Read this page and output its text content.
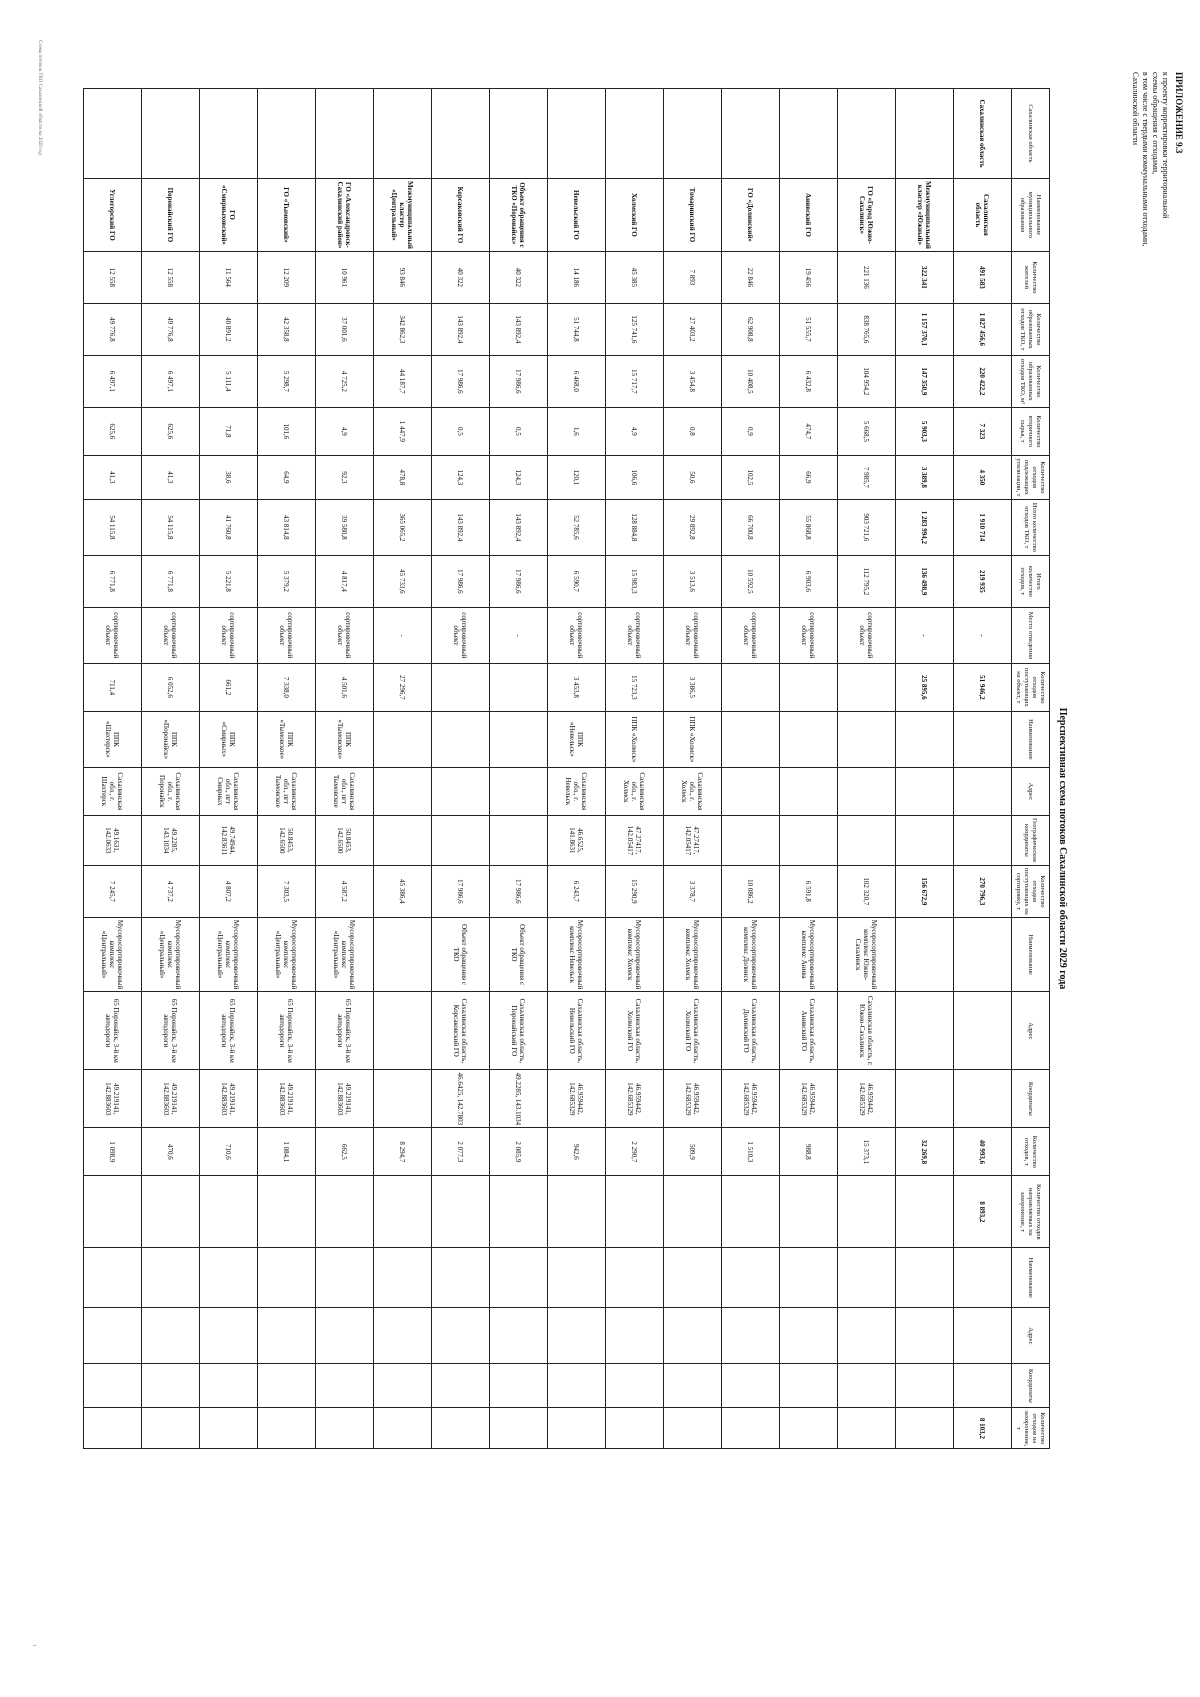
ПРИЛОЖЕНИЕ 9.3
к проекту корректировки территориальной
схемы обращения с отходами,
в том числе с твердыми коммунальными отходами,
Сахалинской области
Сахалинская область	Наименование муниципального образования	Количество жителей	Количество образованных отходов ТКО, т	Количество образованных отходов ТКО, м³	Количество вторичного сырья, т	Количество отходов подлежащих утилизации, т	Итого количество отходов ТКО, т	Итого количество отходов, т	Место отведения	Количество отходов поступающих на объект, т	Наименование	Адрес	Географические координаты	Количество отходов поступающих на сортировку, т	Наименование	Адрес	Координаты	Количество отходов, т	Количество отходов направляемых на захоронение, т	Наименование	Адрес	Координаты	Количество отходов на захоронение, т
Сахалинская область	Сахалинская область	491 583	1 827 456,6	220 422,2	7 323	4 350	1 910 714	219 935	-	51 946,2				270 796,3				40 993,6	8 893,2				8 103,2
	Межмуниципальный кластер «Южный»	322 341	1 157 370,1	147 350,9	5 903,3	3 389,8	1 283 994,2	136 498,9	-	25 895,6				156 672,9				32 269,8					
	ГО «Город Южно-Сахалинск»	221 136	838 765,6	104 954,2	5 668,5	7 985,7	903 721,6	112 795,2	сортировочный объект					102 320,7	Мусоросортировочный комплекс Южно-Сахалинск	Сахалинская область, г. Южно-Сахалинск	46.959442, 142.685329	15 373,1					
	Анивский ГО	19 456	51 555,7	6 432,8	474,7	66,9	55 868,8	6 903,6	сортировочный объект					6 591,8	Мусоросортировочный комплекс Анива	Сахалинская область, Анивский ГО	46.959442, 142.685329	988,8					
	ГО «Долинский»	22 846	62 908,8	10 408,5	0,9	102,5	66 700,8	10 592,5	сортировочный объект					10 086,2	Мусоросортировочный комплекс Долинск	Сахалинская область, Долинский ГО	46.959442, 142.685329	1 510,3					
	Томаринский ГО	7 893	27 403,2	3 454,8	0,8	50,6	29 892,8	3 513,6	сортировочный объект	3 386,5	ППК «Холмск»	Сахалинская обл., г. Холмск	47.27417, 142.05417	3 378,7	Мусоросортировочный комплекс Холмск	Сахалинская область, Холмский ГО	46.959442, 142.685329	509,9					
	Холмский ГО	45 385	125 741,6	15 717,7	4,9	106,6	128 884,8	15 983,3	сортировочный объект	15 723,3	ППК «Холмск»	Сахалинская обл., г. Холмск	47.27417, 142.05417	15 290,9	Мусоросортировочный комплекс Холмск	Сахалинская область, Холмский ГО	46.959442, 142.685329	2 290,7					
	Невельский ГО	14 186	51 744,8	6 468,0	1,6	120,1	52 785,6	6 590,7	сортировочный объект	3 453,8	ППК «Невельск»	Сахалинская обл., г. Невельск	46.6525, 141.8631	6 243,7	Мусоросортировочный комплекс Невельск	Сахалинская область, Невельский ГО	46.959442, 142.685329	942,6					
	Объект обращения с ТКО «Поронайск»	40 322	143 892,4	17 986,6	0,5	124,3	143 892,4	17 986,6	-					17 986,6	Объект обращения с ТКО	Сахалинская область, Поронайский ГО	49.2285, 143.1034	2 085,9					
	Корсаковский ГО	40 322	143 892,4	17 986,6	0,5	124,3	143 892,4	17 986,6	сортировочный объект					17 986,6	Объект обращения с ТКО	Сахалинская область, Корсаковский ГО	46.6425, 142.7803	2 077,3					
	Межмуниципальный кластер «Центральный»	93 846	342 862,3	44 187,7	1 447,9	478,8	365 065,2	45 733,6	-	27 296,7				45 386,4				8 294,7					
	ГО «Александровск-Сахалинский район»	10 961	37 001,6	4 725,2	4,9	92,3	39 580,8	4 817,4	сортировочный объект	4 501,6	ППК «Тымовское»	Сахалинская обл., пгт Тымовское	50.8453, 142.6500	4 587,2	Мусоросортировочный комплекс «Центральный»	65 Поронайск, 3-й км автодороги	49.219141, 142.883603	662,5					
	ГО «Тымовский»	12 209	42 358,8	5 298,7	101,6	64,9	43 814,8	5 379,2	сортировочный объект	7 338,0	ППК «Тымовское»	Сахалинская обл., пгт Тымовское	50.8453, 142.6500	7 303,5	Мусоросортировочный комплекс «Центральный»	65 Поронайск, 3-й км автодороги	49.219141, 142.883603	1 084,1					
	ГО «Смирныховский»	11 564	40 891,2	5 111,4	71,8	38,6	41 760,8	5 221,8	сортировочный объект	661,2	ППК «Смирных»	Сахалинская обл., пгт Смирных	49.74944, 142.83611	4 807,2	Мусоросортировочный комплекс «Центральный»	65 Поронайск, 3-й км автодороги	49.219141, 142.883603	710,6					
	Поронайский ГО	12 558	49 776,8	6 497,1	625,6	41,3	54 115,8	6 771,8	сортировочный объект	6 052,6	ППК «Поронайск»	Сахалинская обл., г. Поронайск	49.2285, 143.1034	4 737,2	Мусоросортировочный комплекс «Центральный»	65 Поронайск, 3-й км автодороги	49.219141, 142.883603	470,6					
	Углегорский ГО	12 558	49 776,8	6 497,1	625,6	41,3	54 115,8	6 771,8	сортировочный объект	711,4	ППК «Шахтерск»	Сахалинская обл., г. Шахтерск	49.1631, 142.0633	7 245,7	Мусоросортировочный комплекс «Центральный»	65 Поронайск, 3-й км автодороги	49.219141, 142.883603	1 098,9					
Перспективная схема потоков Сахалинской области 2029 года
Схема потоков ТКО Сахалинской области на 2029 год
1
